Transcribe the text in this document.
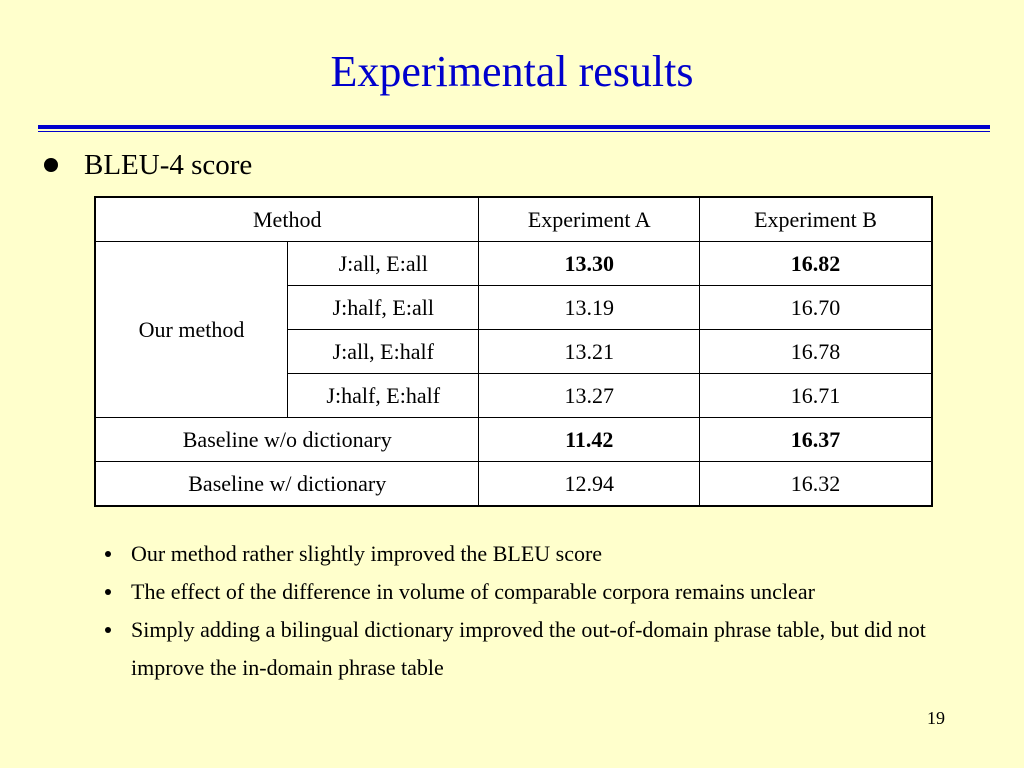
Experimental results
BLEU-4 score
Method		Experiment A	Experiment B
Our method	J:all, E:all	13.30	16.82
	J:half, E:all	13.19	16.70
	J:all, E:half	13.21	16.78
	J:half, E:half	13.27	16.71
Baseline w/o dictionary		11.42	16.37
Baseline w/ dictionary		12.94	16.32
Our method rather slightly improved the BLEU score
The effect of the difference in volume of comparable corpora remains unclear
Simply adding a bilingual dictionary improved the out-of-domain phrase table, but did not improve the in-domain phrase table
19
